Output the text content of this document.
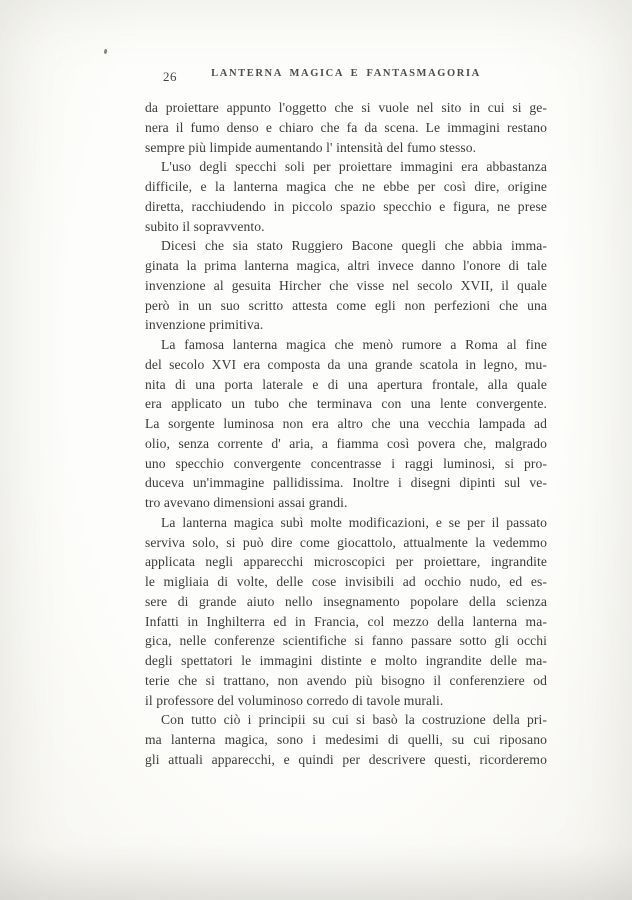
26	LANTERNA MAGICA E FANTASMAGORIA
da proiettare appunto l'oggetto che si vuole nel sito in cui si ge-
nera il fumo denso e chiaro che fa da scena. Le immagini restano
sempre più limpide aumentando l' intensità del fumo stesso.
L'uso degli specchi soli per proiettare immagini era abbastanza
difficile, e la lanterna magica che ne ebbe per così dire, origine
diretta, racchiudendo in piccolo spazio specchio e figura, ne prese
subito il sopravvento.
Dicesi che sia stato Ruggiero Bacone quegli che abbia imma-
ginata la prima lanterna magica, altri invece danno l'onore di tale
invenzione al gesuita Hircher che visse nel secolo XVII, il quale
però in un suo scritto attesta come egli non perfezioni che una
invenzione primitiva.
La famosa lanterna magica che menò rumore a Roma al fine
del secolo XVI era composta da una grande scatola in legno, mu-
nita di una porta laterale e di una apertura frontale, alla quale
era applicato un tubo che terminava con una lente convergente.
La sorgente luminosa non era altro che una vecchia lampada ad
olio, senza corrente d' aria, a fiamma così povera che, malgrado
uno specchio convergente concentrasse i raggi luminosi, si pro-
duceva un'immagine pallidissima. Inoltre i disegni dipinti sul ve-
tro avevano dimensioni assai grandi.
La lanterna magica subì molte modificazioni, e se per il passato
serviva solo, si può dire come giocattolo, attualmente la vedemmo
applicata negli apparecchi microscopici per proiettare, ingrandite
le migliaia di volte, delle cose invisibili ad occhio nudo, ed es-
sere di grande aiuto nello insegnamento popolare della scienza
Infatti in Inghilterra ed in Francia, col mezzo della lanterna ma-
gica, nelle conferenze scientifiche si fanno passare sotto gli occhi
degli spettatori le immagini distinte e molto ingrandite delle ma-
terie che si trattano, non avendo più bisogno il conferenziere od
il professore del voluminoso corredo di tavole murali.
Con tutto ciò i principii su cui si basò la costruzione della pri-
ma lanterna magica, sono i medesimi di quelli, su cui riposano
gli attuali apparecchi, e quindi per descrivere questi, ricorderemo
